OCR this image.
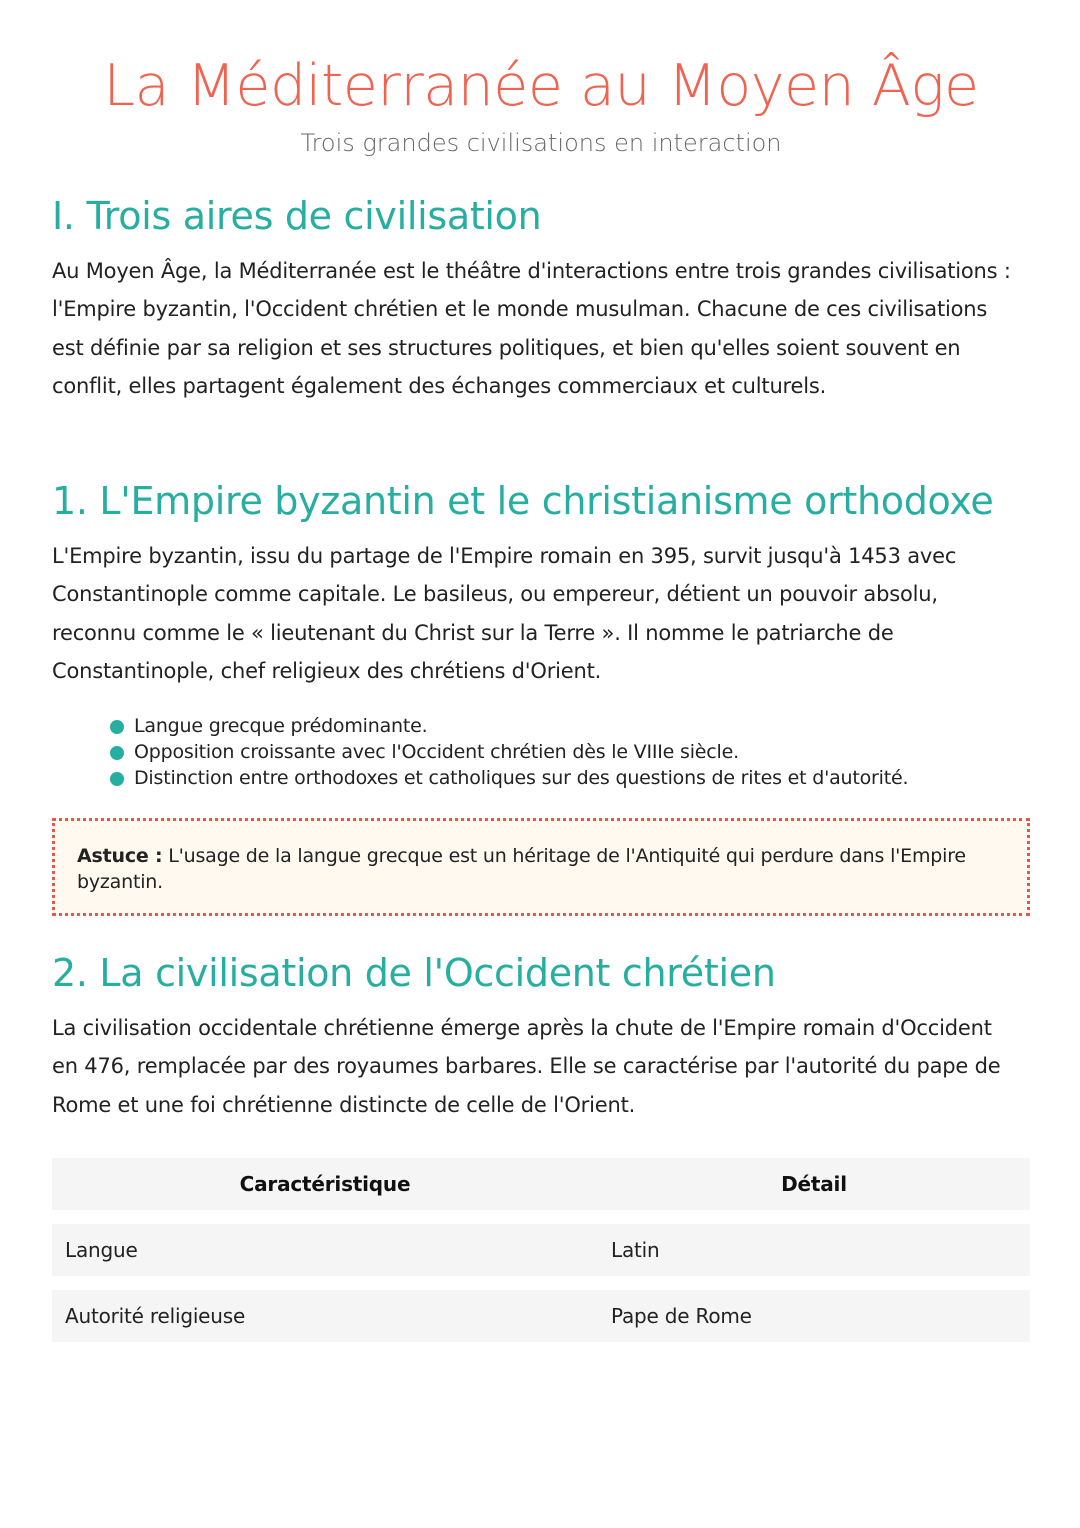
La Méditerranée au Moyen Âge

Trois grandes civilisations en interaction

I. Trois aires de civilisation

Au Moyen Âge, la Méditerranée est le théâtre d'interactions entre trois grandes civilisations : l'Empire byzantin, l'Occident chrétien et le monde musulman. Chacune de ces civilisations est définie par sa religion et ses structures politiques, et bien qu'elles soient souvent en conflit, elles partagent également des échanges commerciaux et culturels.

1. L'Empire byzantin et le christianisme orthodoxe

L'Empire byzantin, issu du partage de l'Empire romain en 395, survit jusqu'à 1453 avec Constantinople comme capitale. Le basileus, ou empereur, détient un pouvoir absolu, reconnu comme le « lieutenant du Christ sur la Terre ». Il nomme le patriarche de Constantinople, chef religieux des chrétiens d'Orient.

Langue grecque prédominante.
Opposition croissante avec l'Occident chrétien dès le VIIIe siècle.
Distinction entre orthodoxes et catholiques sur des questions de rites et d'autorité.
Astuce : L'usage de la langue grecque est un héritage de l'Antiquité qui perdure dans l'Empire byzantin.
2. La civilisation de l'Occident chrétien

La civilisation occidentale chrétienne émerge après la chute de l'Empire romain d'Occident en 476, remplacée par des royaumes barbares. Elle se caractérise par l'autorité du pape de Rome et une foi chrétienne distincte de celle de l'Orient.

Caractéristique	Détail
Langue	Latin
Autorité religieuse	Pape de Rome
